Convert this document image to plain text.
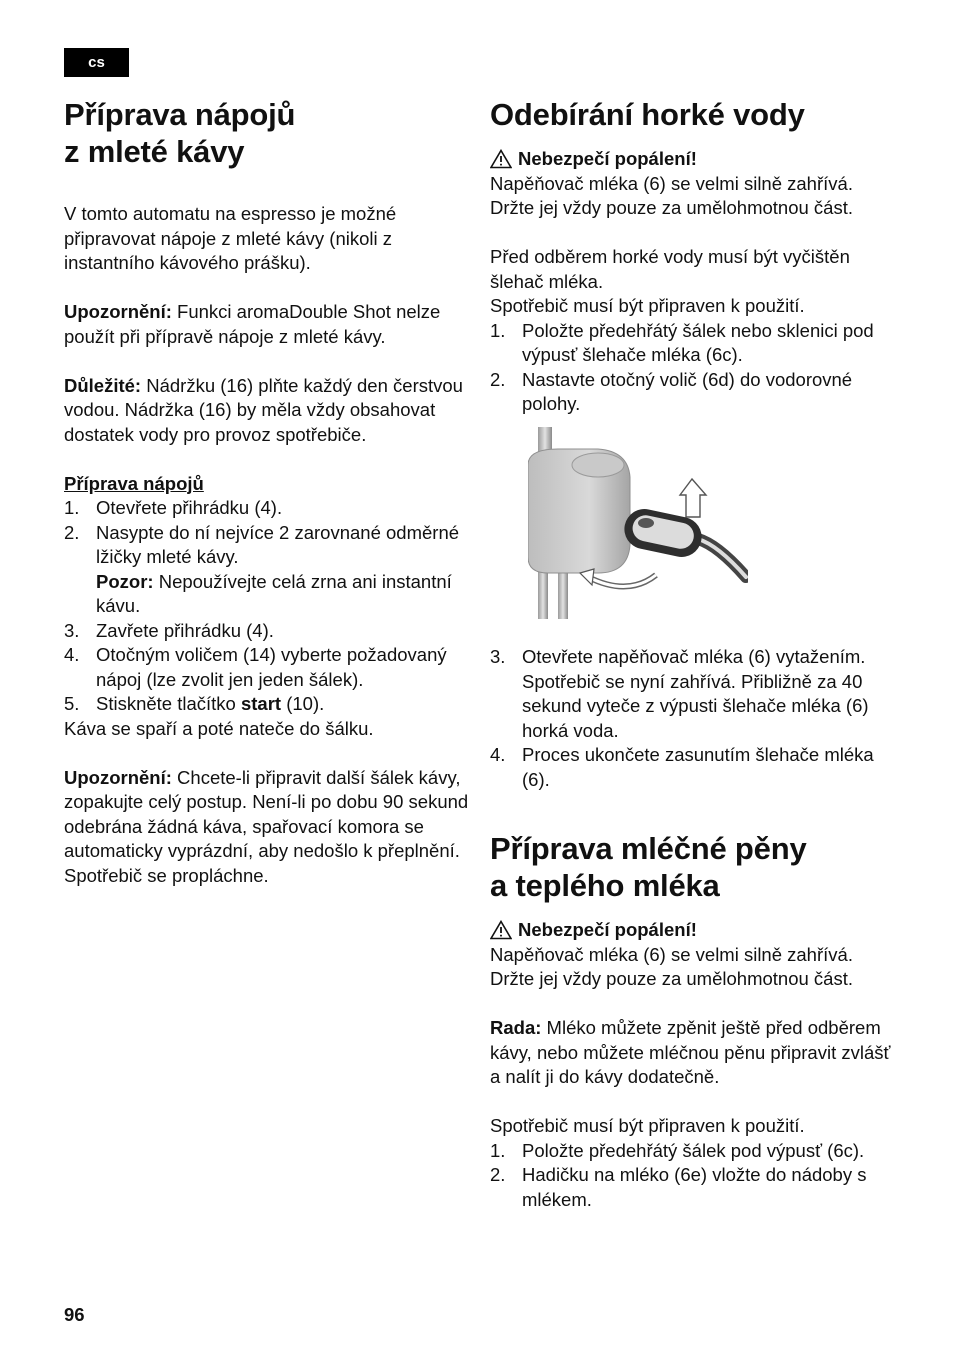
cs
Příprava nápojů
z mleté kávy

V tomto automatu na espresso je možné připravovat nápoje z mleté kávy (nikoli z instantního kávového prášku).

Upozornění: Funkci aromaDouble Shot nelze použít při přípravě nápoje z mleté kávy.

Důležité: Nádržku (16) plňte každý den čerstvou vodou. Nádržka (16) by měla vždy obsahovat dostatek vody pro provoz spotřebiče.

Příprava nápojů

1. Otevřete přihrádku (4).
2. Nasypte do ní nejvíce 2 zarovnané odměrné lžičky mleté kávy.
Pozor: Nepoužívejte celá zrna ani instantní kávu.
3. Zavřete přihrádku (4).
4. Otočným voličem (14) vyberte požadovaný nápoj (lze zvolit jen jeden šálek).
5. Stiskněte tlačítko start (10).

Káva se spaří a poté nateče do šálku.

Upozornění: Chcete-li připravit další šálek kávy, zopakujte celý postup. Není-li po dobu 90 sekund odebrána žádná káva, spařovací komora se automaticky vyprázdní, aby nedošlo k přeplnění. Spotřebič se propláchne.

Odebírání horké vody

Nebezpečí popálení!

Napěňovač mléka (6) se velmi silně zahřívá. Držte jej vždy pouze za umělohmotnou část.

Před odběrem horké vody musí být vyčištěn šlehač mléka.

Spotřebič musí být připraven k použití.

1. Položte předehřátý šálek nebo sklenici pod výpusť šlehače mléka (6c).
2. Nastavte otočný volič (6d) do vodorovné polohy.
3. Otevřete napěňovač mléka (6) vytažením. Spotřebič se nyní zahřívá. Přibližně za 40 sekund vyteče z výpusti šlehače mléka (6) horká voda.
4. Proces ukončete zasunutím šlehače mléka (6).
Příprava mléčné pěny
a teplého mléka

Nebezpečí popálení!

Napěňovač mléka (6) se velmi silně zahřívá. Držte jej vždy pouze za umělohmotnou část.

Rada: Mléko můžete zpěnit ještě před odběrem kávy, nebo můžete mléčnou pěnu připravit zvlášť a nalít ji do kávy dodatečně.

Spotřebič musí být připraven k použití.

1. Položte předehřátý šálek pod výpusť (6c).
2. Hadičku na mléko (6e) vložte do nádoby s mlékem.
96
